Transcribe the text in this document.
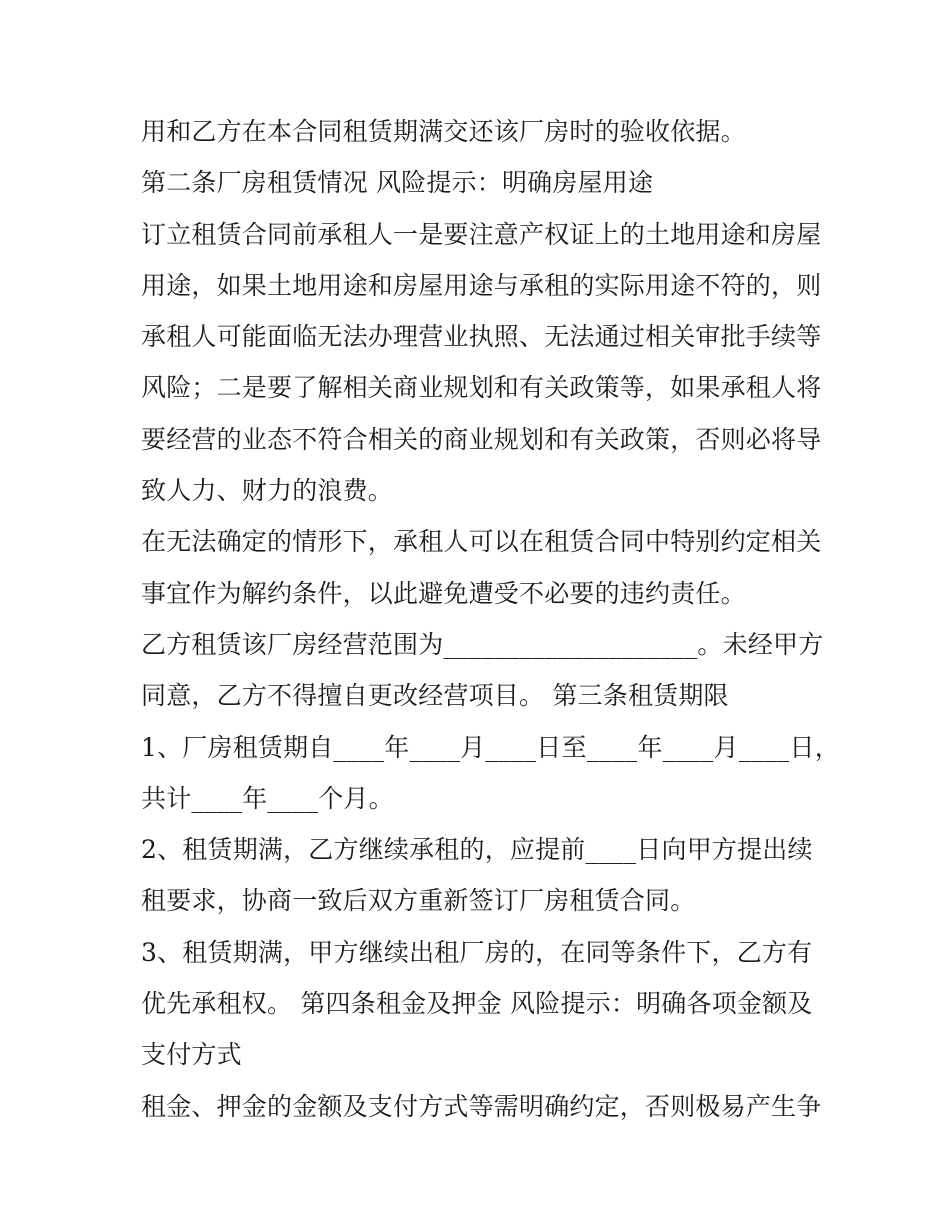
用和乙方在本合同租赁期满交还该厂房时的验收依据。
第二条厂房租赁情况 风险提示：明确房屋用途
订立租赁合同前承租人一是要注意产权证上的土地用途和房屋
用途，如果土地用途和房屋用途与承租的实际用途不符的，则
承租人可能面临无法办理营业执照、无法通过相关审批手续等
风险；二是要了解相关商业规划和有关政策等，如果承租人将
要经营的业态不符合相关的商业规划和有关政策，否则必将导
致人力、财力的浪费。
在无法确定的情形下，承租人可以在租赁合同中特别约定相关
事宜作为解约条件，以此避免遭受不必要的违约责任。
乙方租赁该厂房经营范围为____________________。未经甲方
同意，乙方不得擅自更改经营项目。 第三条租赁期限
1、厂房租赁期自____年____月____日至____年____月____日，
共计____年____个月。
2、租赁期满，乙方继续承租的，应提前____日向甲方提出续
租要求，协商一致后双方重新签订厂房租赁合同。
3、租赁期满，甲方继续出租厂房的，在同等条件下，乙方有
优先承租权。 第四条租金及押金 风险提示：明确各项金额及
支付方式
租金、押金的金额及支付方式等需明确约定，否则极易产生争
